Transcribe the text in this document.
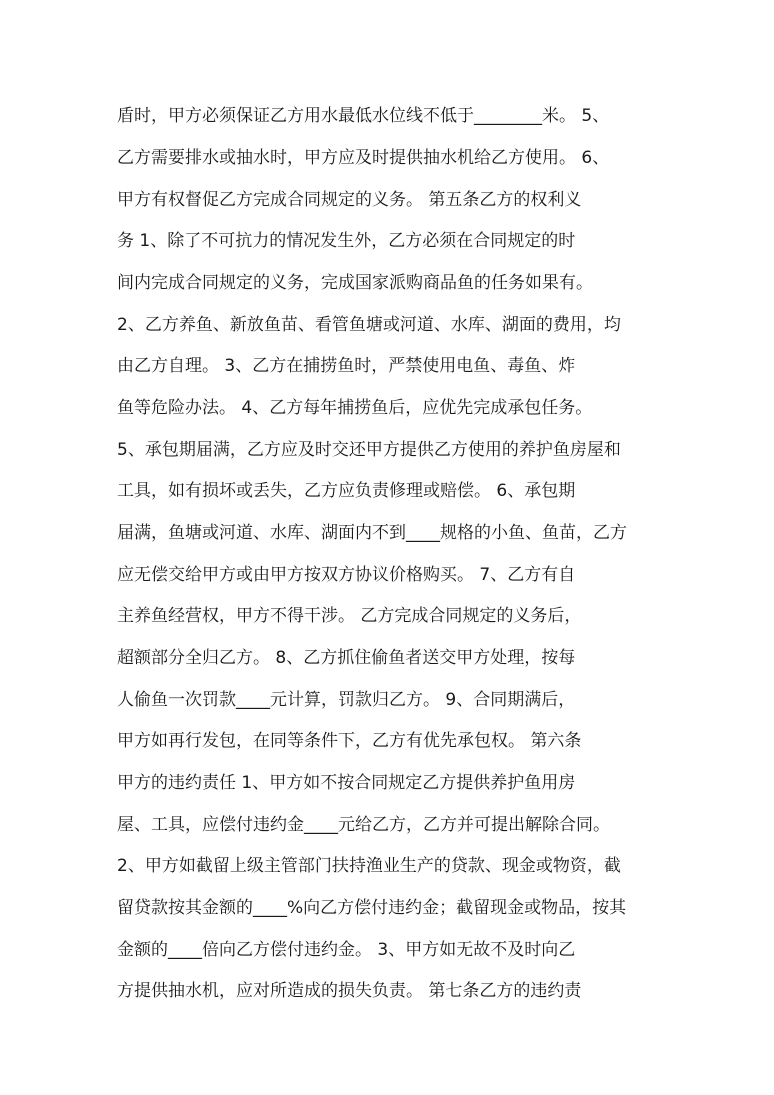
盾时，甲方必须保证乙方用水最低水位线不低于________米。 5、
乙方需要排水或抽水时，甲方应及时提供抽水机给乙方使用。 6、
甲方有权督促乙方完成合同规定的义务。 第五条乙方的权利义
务 1、除了不可抗力的情况发生外，乙方必须在合同规定的时
间内完成合同规定的义务，完成国家派购商品鱼的任务如果有。
2、乙方养鱼、新放鱼苗、看管鱼塘或河道、水库、湖面的费用，均
由乙方自理。 3、乙方在捕捞鱼时，严禁使用电鱼、毒鱼、炸
鱼等危险办法。 4、乙方每年捕捞鱼后，应优先完成承包任务。
5、承包期届满，乙方应及时交还甲方提供乙方使用的养护鱼房屋和
工具，如有损坏或丢失，乙方应负责修理或赔偿。 6、承包期
届满，鱼塘或河道、水库、湖面内不到____规格的小鱼、鱼苗，乙方
应无偿交给甲方或由甲方按双方协议价格购买。 7、乙方有自
主养鱼经营权，甲方不得干涉。 乙方完成合同规定的义务后，
超额部分全归乙方。 8、乙方抓住偷鱼者送交甲方处理，按每
人偷鱼一次罚款____元计算，罚款归乙方。 9、合同期满后，
甲方如再行发包，在同等条件下，乙方有优先承包权。 第六条
甲方的违约责任 1、甲方如不按合同规定乙方提供养护鱼用房
屋、工具，应偿付违约金____元给乙方，乙方并可提出解除合同。
2、甲方如截留上级主管部门扶持渔业生产的贷款、现金或物资，截
留贷款按其金额的____%向乙方偿付违约金；截留现金或物品，按其
金额的____倍向乙方偿付违约金。 3、甲方如无故不及时向乙
方提供抽水机，应对所造成的损失负责。 第七条乙方的违约责
